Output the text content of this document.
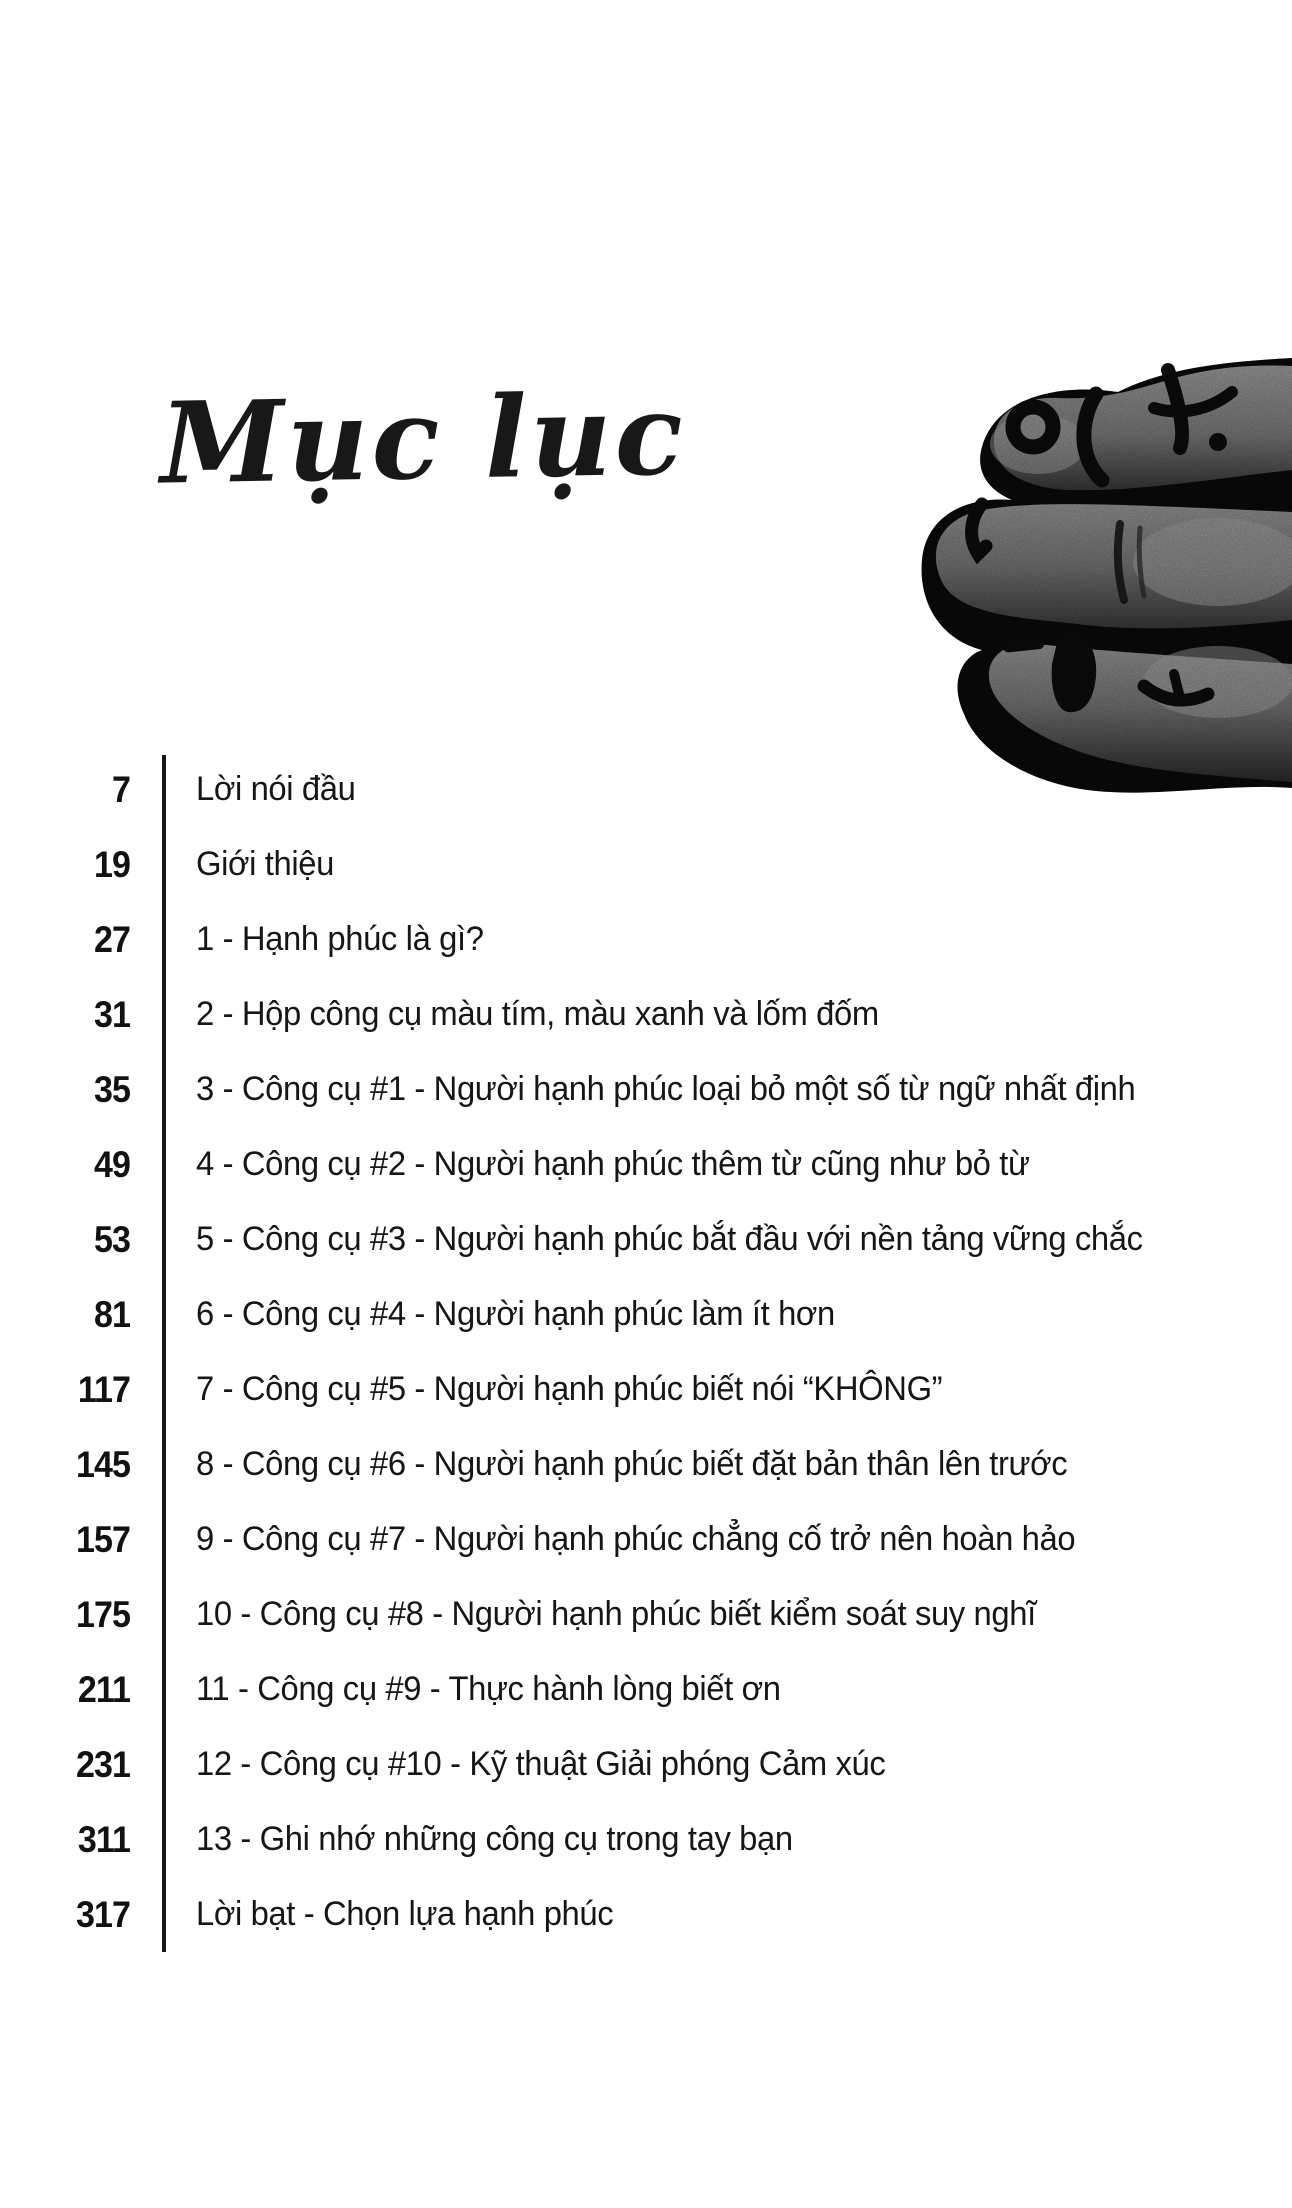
Mục lục
7 Lời nói đầu
19 Giới thiệu
27 1 - Hạnh phúc là gì?
31 2 - Hộp công cụ màu tím, màu xanh và lốm đốm
35 3 - Công cụ #1 - Người hạnh phúc loại bỏ một số từ ngữ nhất định
49 4 - Công cụ #2 - Người hạnh phúc thêm từ cũng như bỏ từ
53 5 - Công cụ #3 - Người hạnh phúc bắt đầu với nền tảng vững chắc
81 6 - Công cụ #4 - Người hạnh phúc làm ít hơn
117 7 - Công cụ #5 - Người hạnh phúc biết nói “KHÔNG”
145 8 - Công cụ #6 - Người hạnh phúc biết đặt bản thân lên trước
157 9 - Công cụ #7 - Người hạnh phúc chẳng cố trở nên hoàn hảo
175 10 - Công cụ #8 - Người hạnh phúc biết kiểm soát suy nghĩ
211 11 - Công cụ #9 - Thực hành lòng biết ơn
231 12 - Công cụ #10 - Kỹ thuật Giải phóng Cảm xúc
311 13 - Ghi nhớ những công cụ trong tay bạn
317 Lời bạt - Chọn lựa hạnh phúc
